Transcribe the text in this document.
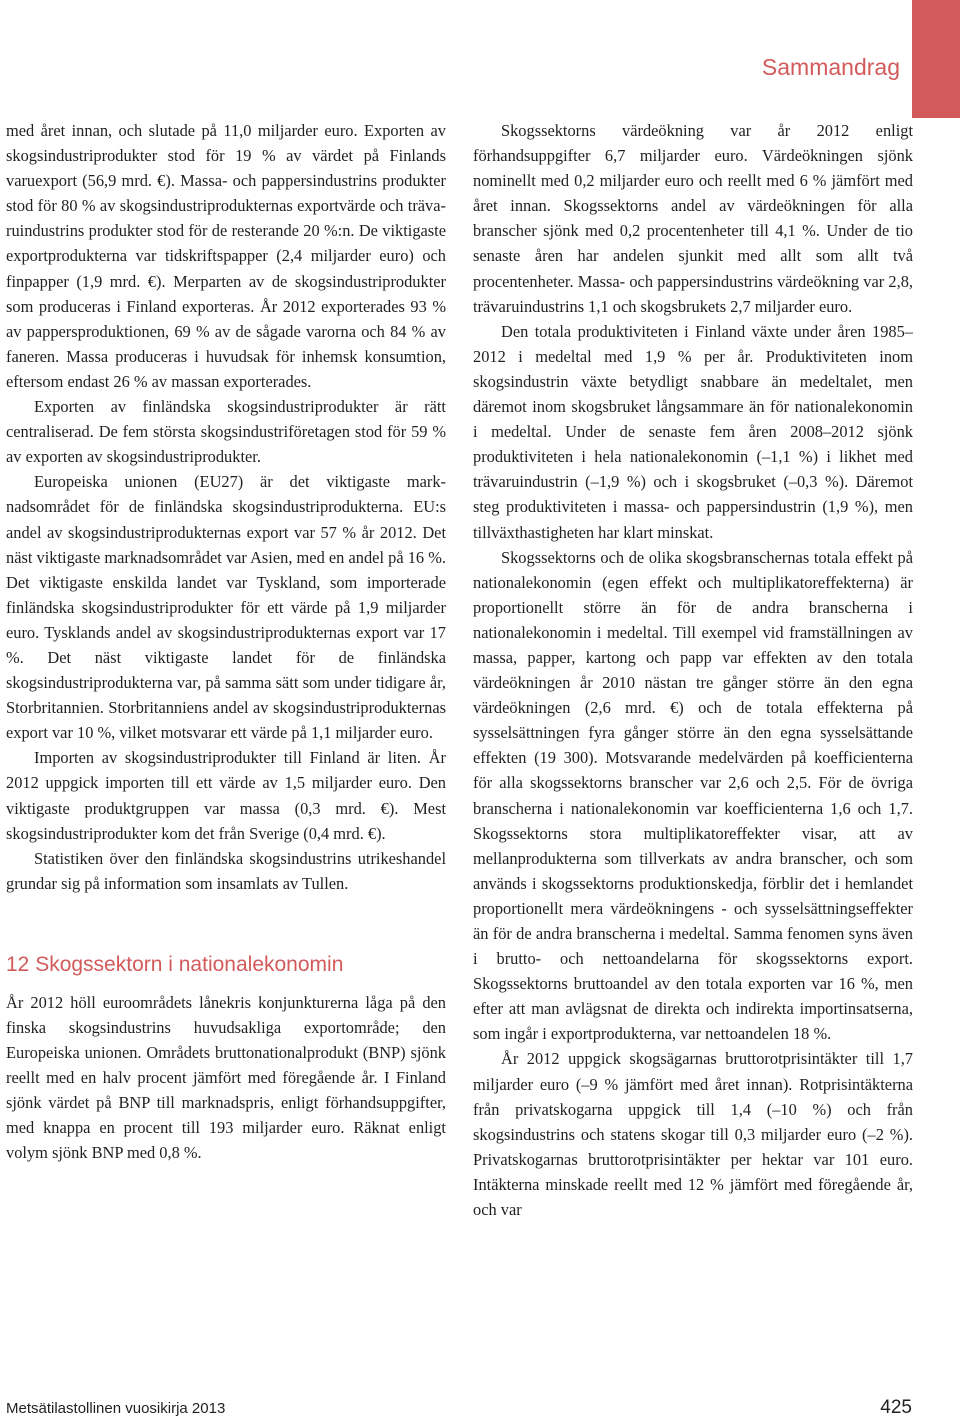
Sammandrag

med året innan, och slutade på 11,0 miljarder euro. Exporten av skogsindustriprodukter stod för 19 % av värdet på Finlands varuexport (56,9 mrd. €). Massa- och pappersindustrins produkter stod för 80 % av skogsindustriprodukternas exportvärde och trävaruindustrins produkter stod för de resterande 20 %:n. De viktigaste exportprodukterna var tidskriftspapper (2,4 miljarder euro) och finpapper (1,9 mrd. €). Merparten av de skogsindustriprodukter som produceras i Finland exporteras. År 2012 exporterades 93 % av pappersproduktionen, 69 % av de sågade varorna och 84 % av faneren. Massa produceras i huvudsak för inhemsk konsumtion, eftersom endast 26 % av massan exporterades.

Exporten av finländska skogsindustriprodukter är rätt centraliserad. De fem största skogsindustriföretagen stod för 59 % av exporten av skogsindustriprodukter.

Europeiska unionen (EU27) är det viktigaste marknadsområdet för de finländska skogsindustriprodukterna. EU:s andel av skogsindustriprodukternas export var 57 % år 2012. Det näst viktigaste marknadsområdet var Asien, med en andel på 16 %. Det viktigaste enskilda landet var Tyskland, som importerade finländska skogsindustriprodukter för ett värde på 1,9 miljarder euro. Tysklands andel av skogsindustriprodukternas export var 17 %. Det näst viktigaste landet för de finländska skogsindustriprodukterna var, på samma sätt som under tidigare år, Storbritannien. Storbritanniens andel av skogsindustriprodukternas export var 10 %, vilket motsvarar ett värde på 1,1 miljarder euro.

Importen av skogsindustriprodukter till Finland är liten. År 2012 uppgick importen till ett värde av 1,5 miljarder euro. Den viktigaste produktgruppen var massa (0,3 mrd. €). Mest skogsindustriprodukter kom det från Sverige (0,4 mrd. €).

Statistiken över den finländska skogsindustrins utrikeshandel grundar sig på information som insamlats av Tullen.

12 Skogssektorn i nationalekonomin

År 2012 höll euroområdets lånekris konjunkturerna låga på den finska skogsindustrins huvudsakliga exportområde; den Europeiska unionen. Områdets bruttonationalprodukt (BNP) sjönk reellt med en halv procent jämfört med föregående år. I Finland sjönk värdet på BNP till marknadspris, enligt förhandsuppgifter, med knappa en procent till 193 miljarder euro. Räknat enligt volym sjönk BNP med 0,8 %.

Skogssektorns värdeökning var år 2012 enligt förhandsuppgifter 6,7 miljarder euro. Värdeökningen sjönk nominellt med 0,2 miljarder euro och reellt med 6 % jämfört med året innan. Skogssektorns andel av värdeökningen för alla branscher sjönk med 0,2 procentenheter till 4,1 %. Under de tio senaste åren har andelen sjunkit med allt som allt två procentenheter. Massa- och pappersindustrins värdeökning var 2,8, trävaruindustrins 1,1 och skogsbrukets 2,7 miljarder euro.

Den totala produktiviteten i Finland växte under åren 1985–2012 i medeltal med 1,9 % per år. Produktiviteten inom skogsindustrin växte betydligt snabbare än medeltalet, men däremot inom skogsbruket långsammare än för nationalekonomin i medeltal. Under de senaste fem åren 2008–2012 sjönk produktiviteten i hela nationalekonomin (–1,1 %) i likhet med trävaruindustrin (–1,9 %) och i skogsbruket (–0,3 %). Däremot steg produktiviteten i massa- och pappersindustrin (1,9 %), men tillväxthastigheten har klart minskat.

Skogssektorns och de olika skogsbranschernas totala effekt på nationalekonomin (egen effekt och multiplikatoreffekterna) är proportionellt större än för de andra branscherna i nationalekonomin i medeltal. Till exempel vid framställningen av massa, papper, kartong och papp var effekten av den totala värdeökningen år 2010 nästan tre gånger större än den egna värdeökningen (2,6 mrd. €) och de totala effekterna på sysselsättningen fyra gånger större än den egna sysselsättande effekten (19 300). Motsvarande medelvärden på koefficienterna för alla skogssektorns branscher var 2,6 och 2,5. För de övriga branscherna i nationalekonomin var koefficienterna 1,6 och 1,7. Skogssektorns stora multiplikatoreffekter visar, att av mellanprodukterna som tillverkats av andra branscher, och som används i skogssektorns produktionskedja, förblir det i hemlandet proportionellt mera värdeökningens - och sysselsättningseffekter än för de andra branscherna i medeltal. Samma fenomen syns även i brutto- och nettoandelarna för skogssektorns export. Skogssektorns bruttoandel av den totala exporten var 16 %, men efter att man avlägsnat de direkta och indirekta importinsatserna, som ingår i exportprodukterna, var nettoandelen 18 %.

År 2012 uppgick skogsägarnas bruttorotprisintäkter till 1,7 miljarder euro (–9 % jämfört med året innan). Rotprisintäkterna från privatskogarna uppgick till 1,4 (–10 %) och från skogsindustrins och statens skogar till 0,3 miljarder euro (–2 %). Privatskogarnas bruttorotprisintäkter per hektar var 101 euro. Intäkterna minskade reellt med 12 % jämfört med föregående år, och var

Metsätilastollinen vuosikirja 2013	425
